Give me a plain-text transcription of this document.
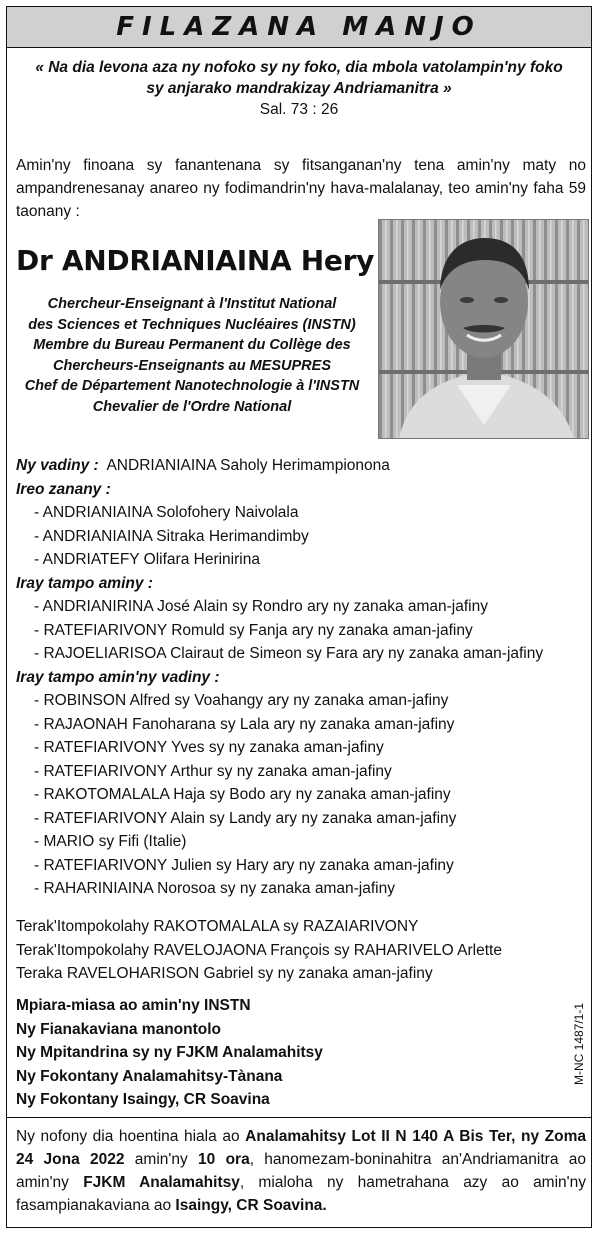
FILAZANA MANJO
« Na dia levona aza ny nofoko sy ny foko, dia mbola vatolampin'ny foko
sy anjarako mandrakizay Andriamanitra »
Sal. 73 : 26
Amin'ny finoana sy fanantenana sy fitsanganan'ny tena amin'ny maty no ampandrenesanay anareo ny fodimandrin'ny hava-malalanay, teo amin'ny faha 59 taonany :
Dr ANDRIANIAINA Hery
Chercheur-Enseignant à l'Institut National
des Sciences et Techniques Nucléaires (INSTN)
Membre du Bureau Permanent du Collège des
Chercheurs-Enseignants au MESUPRES
Chef de Département Nanotechnologie à l'INSTN
Chevalier de l'Ordre National
Ny vadiny : ANDRIANIAINA Saholy Herimampionona
Ireo zanany :
- ANDRIANIAINA Solofohery Naivolala
- ANDRIANIAINA Sitraka Herimandimby
- ANDRIATEFY Olifara Herinirina
Iray tampo aminy :
- ANDRIANIRINA José Alain sy Rondro ary ny zanaka aman-jafiny
- RATEFIARIVONY Romuld sy Fanja ary ny zanaka aman-jafiny
- RAJOELIARISOA Clairaut de Simeon sy Fara ary ny zanaka aman-jafiny
Iray tampo amin'ny vadiny :
- ROBINSON Alfred sy Voahangy ary ny zanaka aman-jafiny
- RAJAONAH Fanoharana sy Lala ary ny zanaka aman-jafiny
- RATEFIARIVONY Yves sy ny zanaka aman-jafiny
- RATEFIARIVONY Arthur sy ny zanaka aman-jafiny
- RAKOTOMALALA Haja sy Bodo ary ny zanaka aman-jafiny
- RATEFIARIVONY Alain sy Landy ary ny zanaka aman-jafiny
- MARIO sy Fifi (Italie)
- RATEFIARIVONY Julien sy Hary ary ny zanaka aman-jafiny
- RAHARINIAINA Norosoa sy ny zanaka aman-jafiny
Terak'Itompokolahy RAKOTOMALALA sy RAZAIARIVONY
Terak'Itompokolahy RAVELOJAONA François sy RAHARIVELO Arlette
Teraka RAVELOHARISON Gabriel sy ny zanaka aman-jafiny
Mpiara-miasa ao amin'ny INSTN
Ny Fianakaviana manontolo
Ny Mpitandrina sy ny FJKM Analamahitsy
Ny Fokontany Analamahitsy-Tànana
Ny Fokontany Isaingy, CR Soavina
M-NC 1487/1-1
Ny nofony dia hoentina hiala ao Analamahitsy Lot II N 140 A Bis Ter, ny Zoma 24 Jona 2022 amin'ny 10 ora, hanomezam-boninahitra an'Andriamanitra ao amin'ny FJKM Analamahitsy, mialoha ny hametrahana azy ao amin'ny fasampianakaviana ao Isaingy, CR Soavina.
